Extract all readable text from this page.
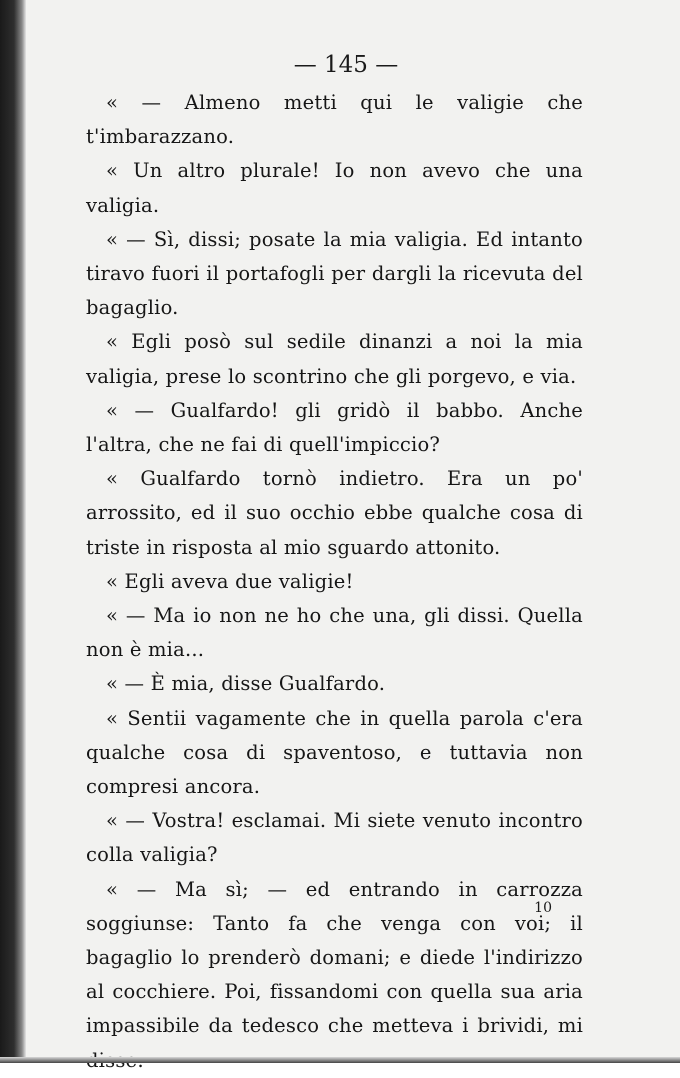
— 145 —

« — Almeno metti qui le valigie che t'imbarazzano.

« Un altro plurale! Io non avevo che una valigia.

« — Sì, dissi; posate la mia valigia. Ed intanto tiravo fuori il portafogli per dargli la ricevuta del bagaglio.

« Egli posò sul sedile dinanzi a noi la mia valigia, prese lo scontrino che gli porgevo, e via.

« — Gualfardo! gli gridò il babbo. Anche l'altra, che ne fai di quell'impiccio?

« Gualfardo tornò indietro. Era un po' arrossito, ed il suo occhio ebbe qualche cosa di triste in risposta al mio sguardo attonito.

« Egli aveva due valigie!

« — Ma io non ne ho che una, gli dissi. Quella non è mia...

« — È mia, disse Gualfardo.

« Sentii vagamente che in quella parola c'era qualche cosa di spaventoso, e tuttavia non compresi ancora.

« — Vostra! esclamai. Mi siete venuto incontro colla valigia?

« — Ma sì; — ed entrando in carrozza soggiunse: Tanto fa che venga con voi; il bagaglio lo prenderò domani; e diede l'indirizzo al cocchiere. Poi, fissandomi con quella sua aria impassibile da tedesco che metteva i brividi, mi

10
